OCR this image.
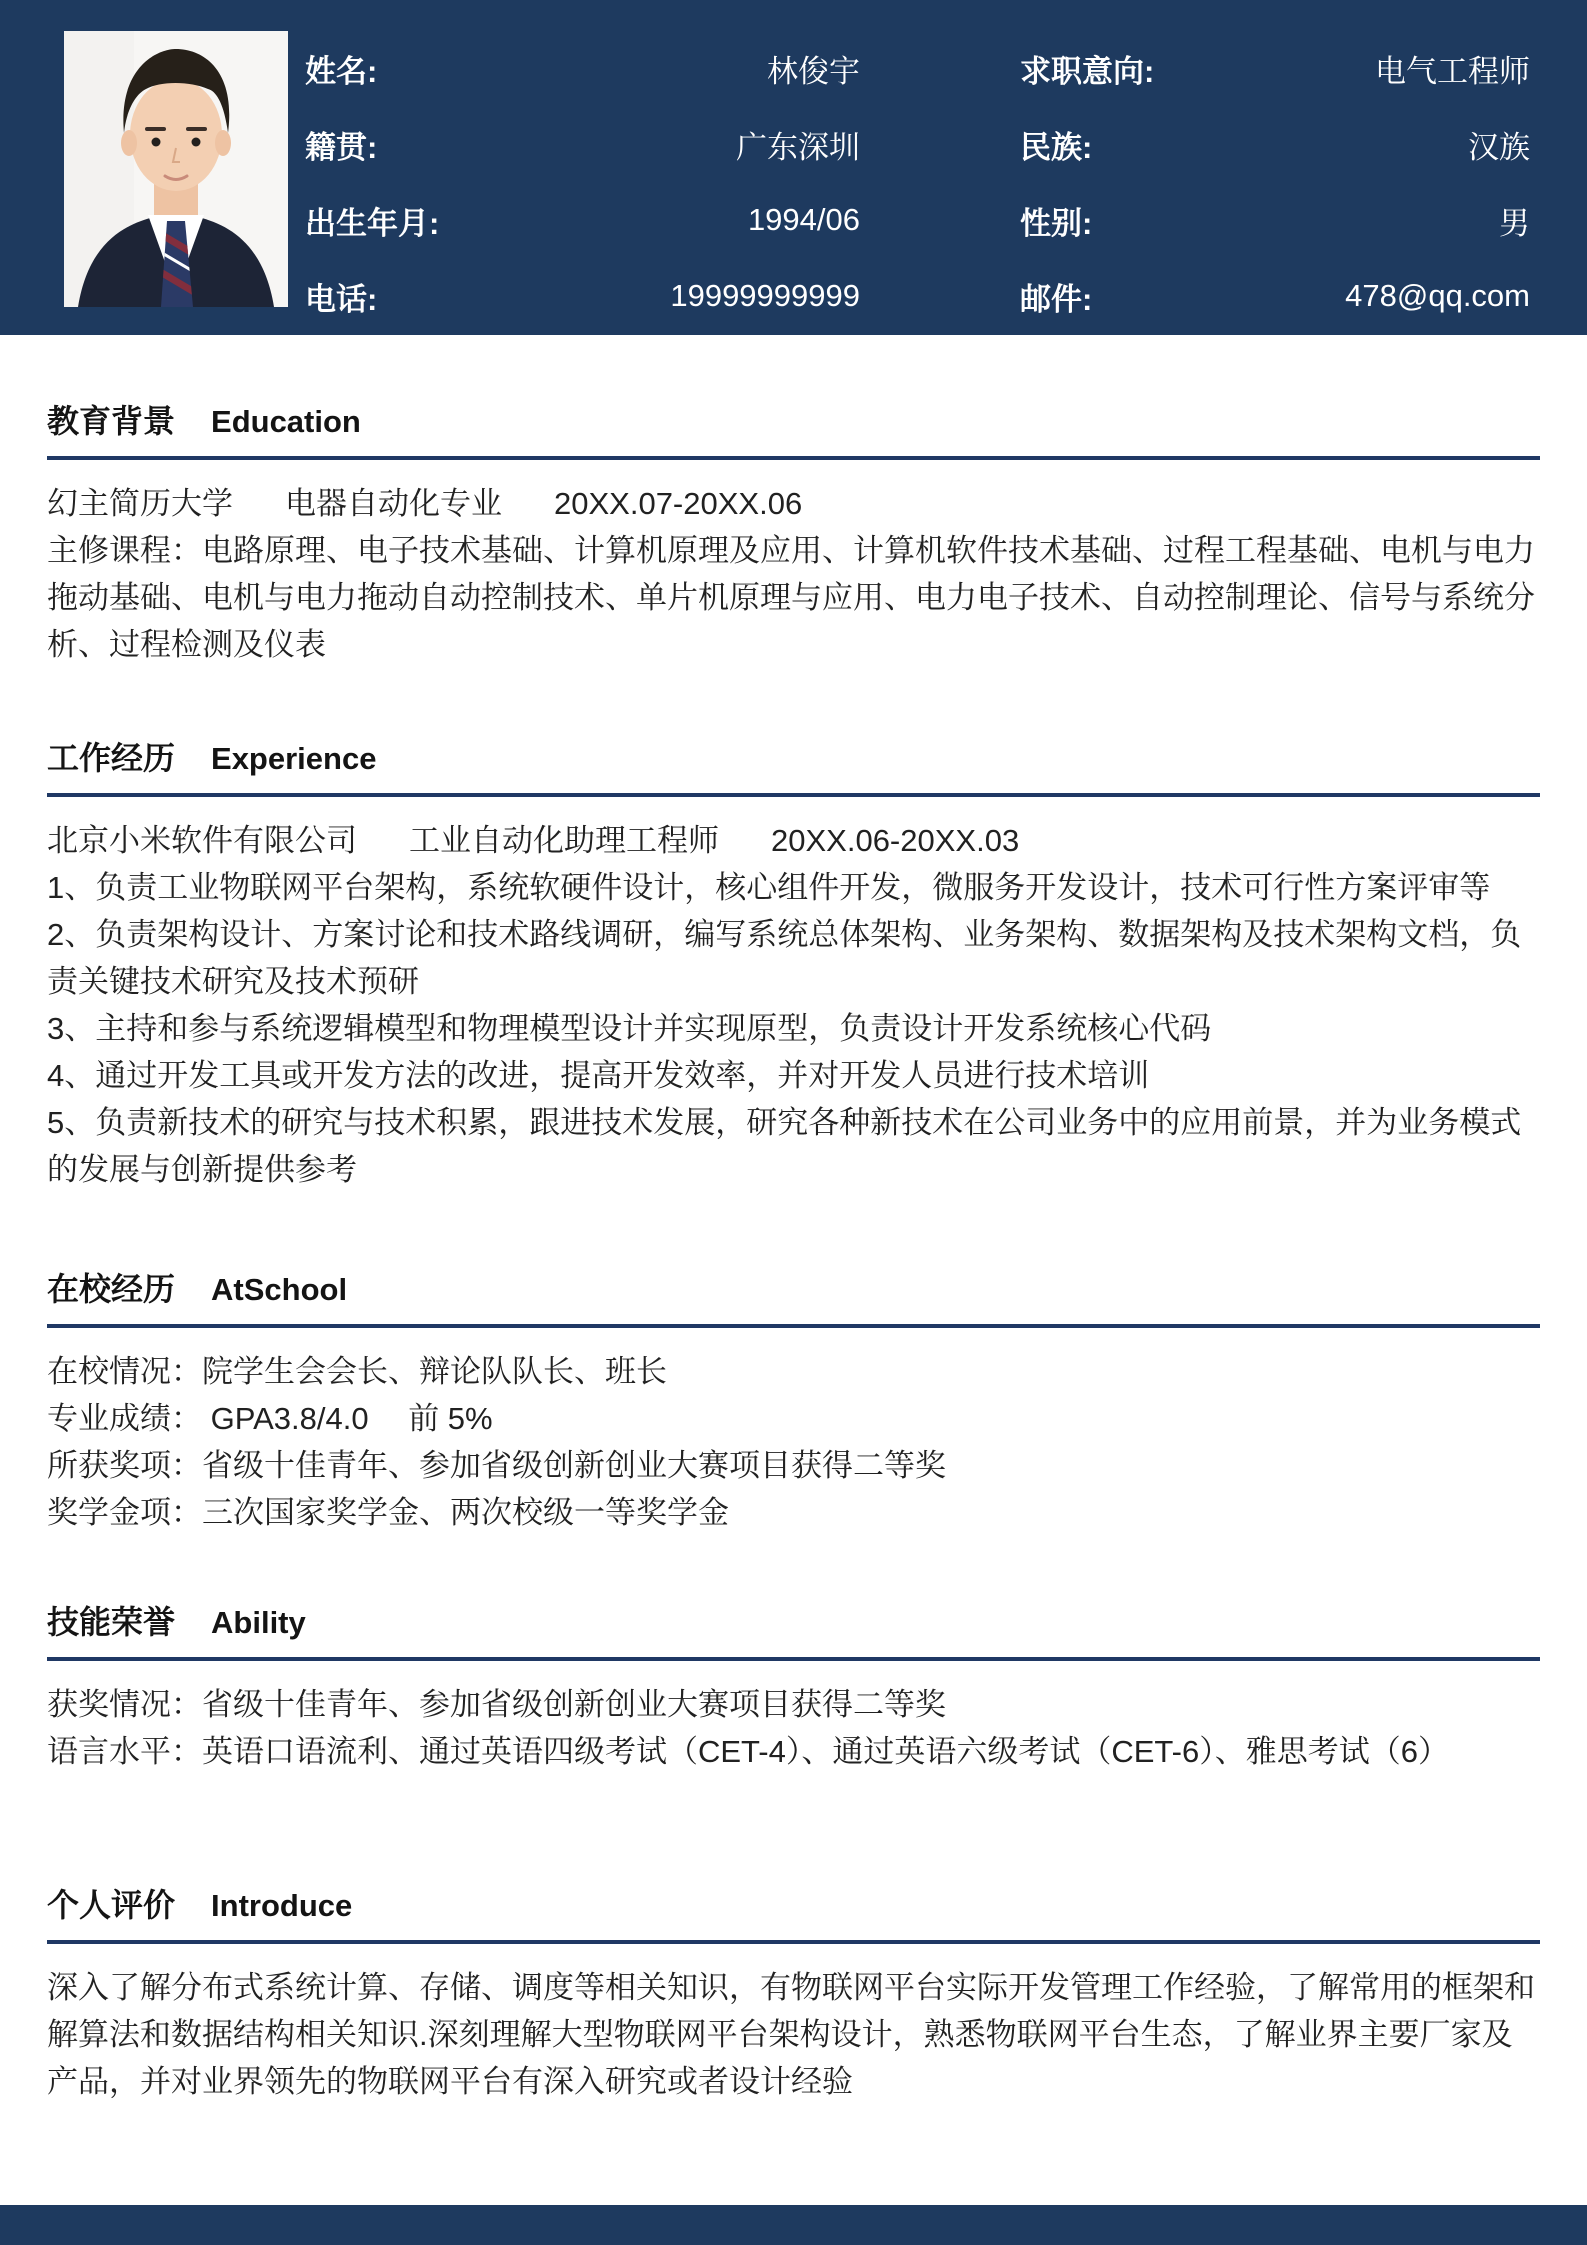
姓名:	林俊宇	求职意向:	电气工程师
籍贯:	广东深圳	民族:	汉族
出生年月:	1994/06	性别:	男
电话:	19999999999	邮件:	478@qq.com
教育背景 Education
幻主简历大学 电器自动化专业 20XX.07-20XX.06

主修课程：电路原理、电子技术基础、计算机原理及应用、计算机软件技术基础、过程工程基础、电机与电力拖动基础、电机与电力拖动自动控制技术、单片机原理与应用、电力电子技术、自动控制理论、信号与系统分析、过程检测及仪表

工作经历 Experience
北京小米软件有限公司 工业自动化助理工程师 20XX.06-20XX.03

1、负责工业物联网平台架构，系统软硬件设计，核心组件开发，微服务开发设计，技术可行性方案评审等

2、负责架构设计、方案讨论和技术路线调研，编写系统总体架构、业务架构、数据架构及技术架构文档，负责关键技术研究及技术预研

3、主持和参与系统逻辑模型和物理模型设计并实现原型，负责设计开发系统核心代码

4、通过开发工具或开发方法的改进，提高开发效率，并对开发人员进行技术培训

5、负责新技术的研究与技术积累，跟进技术发展，研究各种新技术在公司业务中的应用前景，并为业务模式的发展与创新提供参考

在校经历 AtSchool

在校情况：院学生会会长、辩论队队长、班长

专业成绩： GPA3.8/4.0　 前 5%

所获奖项：省级十佳青年、参加省级创新创业大赛项目获得二等奖

奖学金项：三次国家奖学金、两次校级一等奖学金

技能荣誉 Ability

获奖情况：省级十佳青年、参加省级创新创业大赛项目获得二等奖

语言水平：英语口语流利、通过英语四级考试（CET-4）、通过英语六级考试（CET-6）、雅思考试（6）

个人评价 Introduce

深入了解分布式系统计算、存储、调度等相关知识，有物联网平台实际开发管理工作经验，了解常用的框架和解算法和数据结构相关知识.深刻理解大型物联网平台架构设计，熟悉物联网平台生态，了解业界主要厂家及产品，并对业界领先的物联网平台有深入研究或者设计经验
